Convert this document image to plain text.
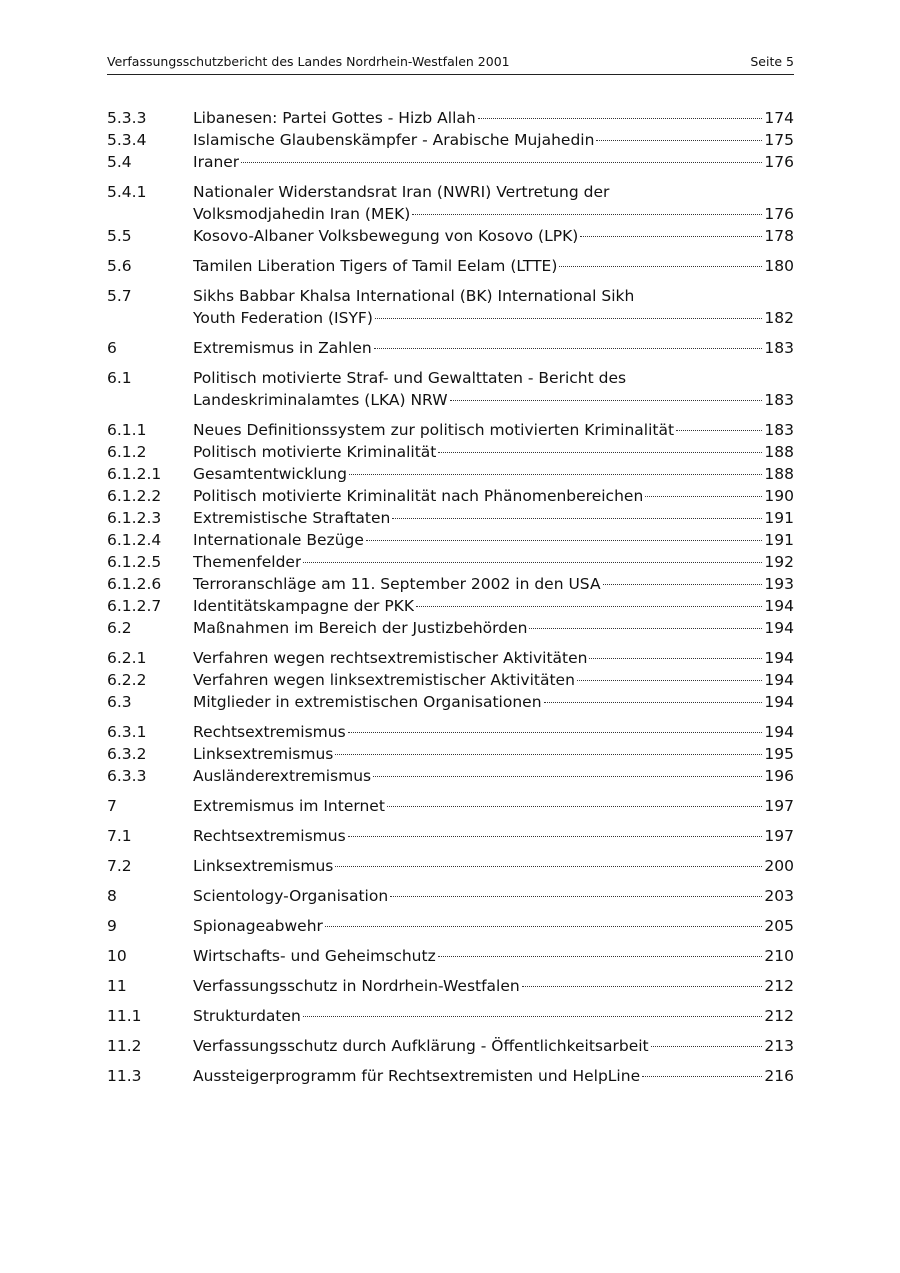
Verfassungsschutzbericht des Landes Nordrhein-Westfalen 2001	Seite 5
5.3.3	Libanesen: Partei Gottes - Hizb Allah	174
5.3.4	Islamische Glaubenskämpfer - Arabische Mujahedin	175
5.4	Iraner	176
5.4.1	Nationaler Widerstandsrat Iran (NWRI) Vertretung der
Volksmodjahedin Iran (MEK)	176
5.5	Kosovo-Albaner Volksbewegung von Kosovo (LPK)	178
5.6	Tamilen Liberation Tigers of Tamil Eelam (LTTE)	180
5.7	Sikhs Babbar Khalsa International (BK) International Sikh
Youth Federation (ISYF)	182
6	Extremismus in Zahlen	183
6.1	Politisch motivierte Straf- und Gewalttaten - Bericht des
Landeskriminalamtes (LKA) NRW	183
6.1.1	Neues Definitionssystem zur politisch motivierten Kriminalität	183
6.1.2	Politisch motivierte Kriminalität	188
6.1.2.1 Gesamtentwicklung	188
6.1.2.2 Politisch motivierte Kriminalität nach Phänomenbereichen	190
6.1.2.3 Extremistische Straftaten	191
6.1.2.4 Internationale Bezüge	191
6.1.2.5 Themenfelder	192
6.1.2.6 Terroranschläge am 11. September 2002 in den USA	193
6.1.2.7 Identitätskampagne der PKK	194
6.2	Maßnahmen im Bereich der Justizbehörden	194
6.2.1	Verfahren wegen rechtsextremistischer Aktivitäten	194
6.2.2	Verfahren wegen linksextremistischer Aktivitäten	194
6.3	Mitglieder in extremistischen Organisationen	194
6.3.1	Rechtsextremismus	194
6.3.2	Linksextremismus	195
6.3.3	Ausländerextremismus	196
7	Extremismus im Internet	197
7.1	Rechtsextremismus	197
7.2	Linksextremismus	200
8	Scientology-Organisation	203
9	Spionageabwehr	205
10	Wirtschafts- und Geheimschutz	210
11	Verfassungsschutz in Nordrhein-Westfalen	212
11.1	Strukturdaten	212
11.2	Verfassungsschutz durch Aufklärung - Öffentlichkeitsarbeit	213
11.3	Aussteigerprogramm für Rechtsextremisten und HelpLine	216
